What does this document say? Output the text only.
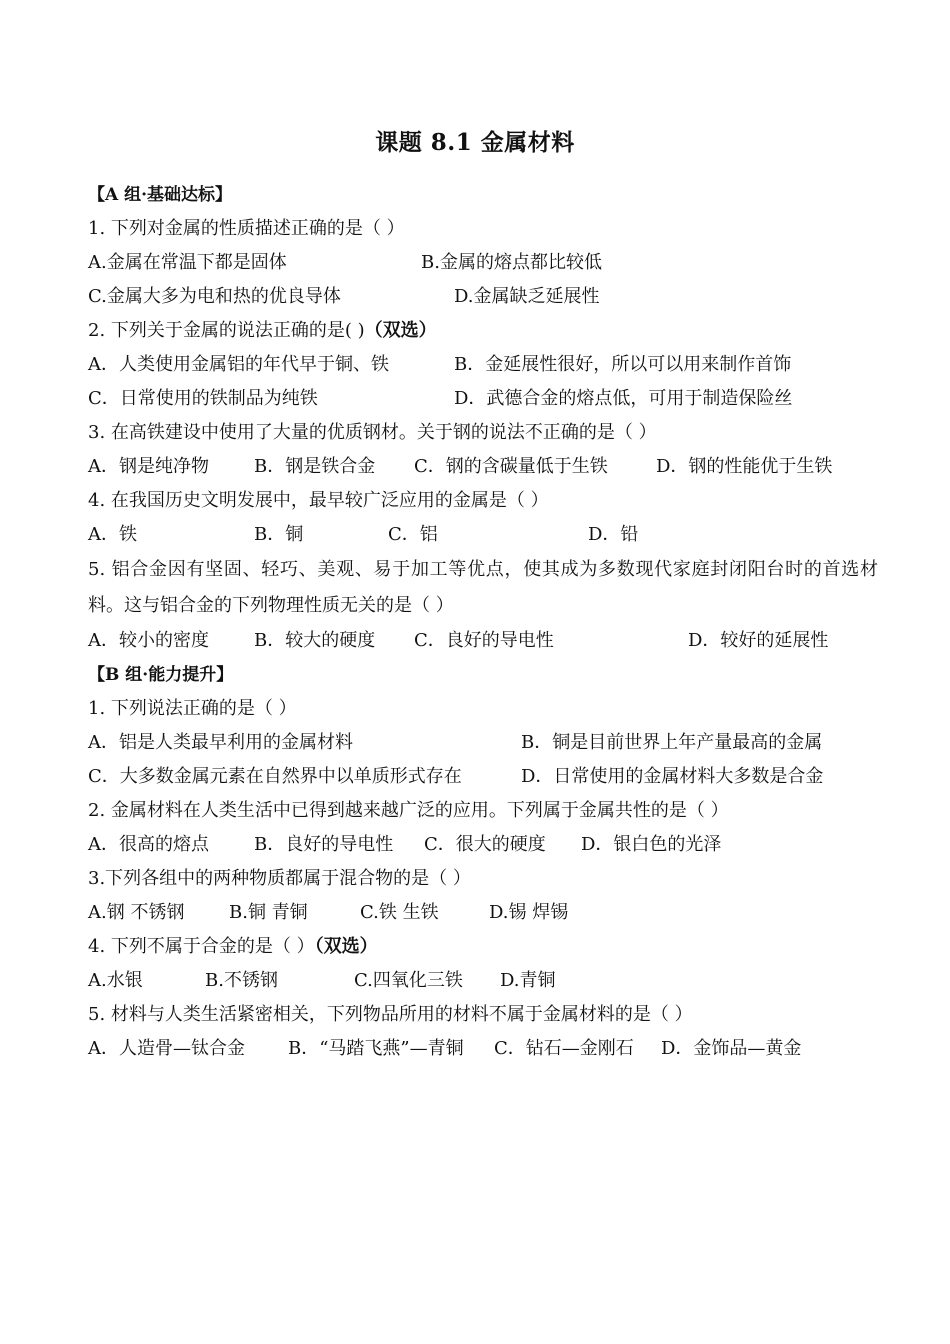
课题 8.1 金属材料
【A 组·基础达标】
1. 下列对金属的性质描述正确的是（ ）
A.金属在常温下都是固体	B.金属的熔点都比较低
C.金属大多为电和热的优良导体	D.金属缺乏延展性
2. 下列关于金属的说法正确的是( )（双选）
A．人类使用金属铝的年代早于铜、铁	B．金延展性很好，所以可以用来制作首饰
C．日常使用的铁制品为纯铁	D．武德合金的熔点低，可用于制造保险丝
3. 在高铁建设中使用了大量的优质钢材。关于钢的说法不正确的是（ ）
A．钢是纯净物	B．钢是铁合金 C．钢的含碳量低于生铁	D．钢的性能优于生铁
4. 在我国历史文明发展中，最早较广泛应用的金属是（ ）
A．铁	B．铜	C．铝	D．铅
5. 铝合金因有坚固、轻巧、美观、易于加工等优点，使其成为多数现代家庭封闭阳台时的首选材料。这与铝合金的下列物理性质无关的是（ ）
A．较小的密度	B．较大的硬度 C．良好的导电性	D．较好的延展性
【B 组·能力提升】
1. 下列说法正确的是（ ）
A．铝是人类最早利用的金属材料	B．铜是目前世界上年产量最高的金属
C．大多数金属元素在自然界中以单质形式存在	D．日常使用的金属材料大多数是合金
2. 金属材料在人类生活中已得到越来越广泛的应用。下列属于金属共性的是（ ）
A．很高的熔点	B．良好的导电性 C．很大的硬度 D．银白色的光泽
3.下列各组中的两种物质都属于混合物的是（ ）
A.钢 不锈钢 B.铜 青铜	C.铁 生铁	D.锡 焊锡
4. 下列不属于合金的是（ ）（双选）
A.水银	B.不锈钢	C.四氧化三铁 D.青铜
5. 材料与人类生活紧密相关，下列物品所用的材料不属于金属材料的是（ ）
A．人造骨—钛合金 B．“马踏飞燕”—青铜 C．钻石—金刚石 D．金饰品—黄金
